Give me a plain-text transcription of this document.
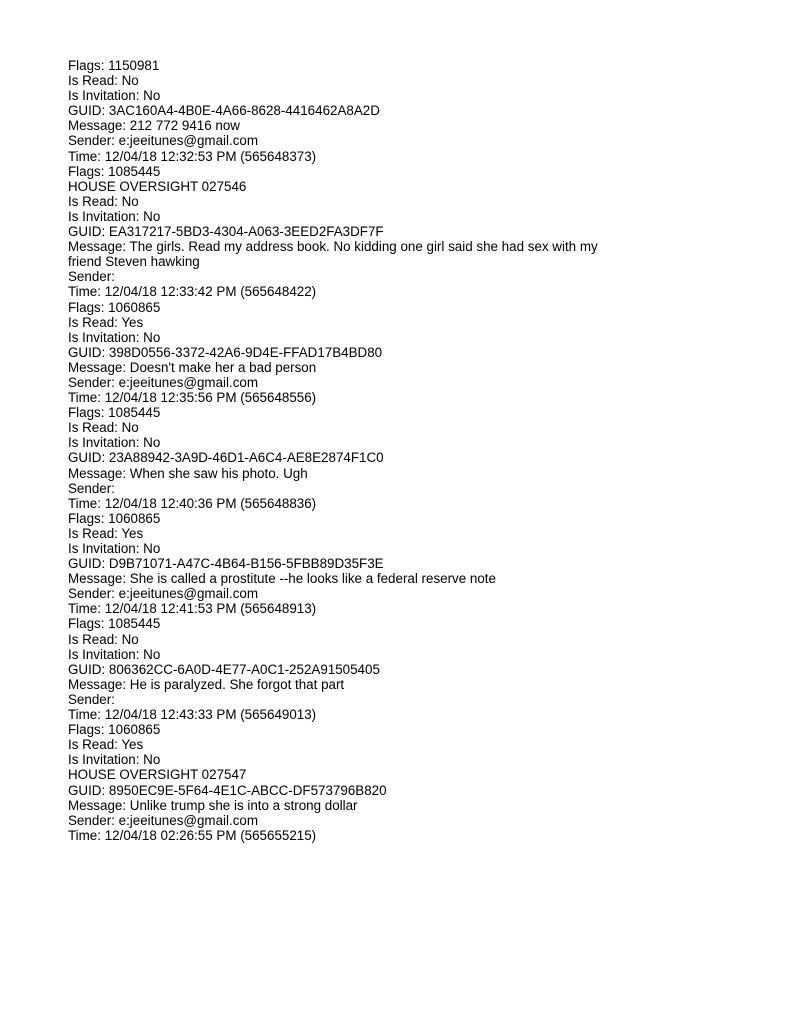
Flags: 1150981
Is Read: No
Is Invitation: No
GUID: 3AC160A4-4B0E-4A66-8628-4416462A8A2D
Message: 212 772 9416 now
Sender: e:jeeitunes@gmail.com
Time: 12/04/18 12:32:53 PM (565648373)
Flags: 1085445
HOUSE OVERSIGHT 027546
Is Read: No
Is Invitation: No
GUID: EA317217-5BD3-4304-A063-3EED2FA3DF7F
Message: The girls. Read my address book. No kidding one girl said she had sex with my
friend Steven hawking
Sender:
Time: 12/04/18 12:33:42 PM (565648422)
Flags: 1060865
Is Read: Yes
Is Invitation: No
GUID: 398D0556-3372-42A6-9D4E-FFAD17B4BD80
Message: Doesn't make her a bad person
Sender: e:jeeitunes@gmail.com
Time: 12/04/18 12:35:56 PM (565648556)
Flags: 1085445
Is Read: No
Is Invitation: No
GUID: 23A88942-3A9D-46D1-A6C4-AE8E2874F1C0
Message: When she saw his photo. Ugh
Sender:
Time: 12/04/18 12:40:36 PM (565648836)
Flags: 1060865
Is Read: Yes
Is Invitation: No
GUID: D9B71071-A47C-4B64-B156-5FBB89D35F3E
Message: She is called a prostitute --he looks like a federal reserve note
Sender: e:jeeitunes@gmail.com
Time: 12/04/18 12:41:53 PM (565648913)
Flags: 1085445
Is Read: No
Is Invitation: No
GUID: 806362CC-6A0D-4E77-A0C1-252A91505405
Message: He is paralyzed. She forgot that part
Sender:
Time: 12/04/18 12:43:33 PM (565649013)
Flags: 1060865
Is Read: Yes
Is Invitation: No
HOUSE OVERSIGHT 027547
GUID: 8950EC9E-5F64-4E1C-ABCC-DF573796B820
Message: Unlike trump she is into a strong dollar
Sender: e:jeeitunes@gmail.com
Time: 12/04/18 02:26:55 PM (565655215)
